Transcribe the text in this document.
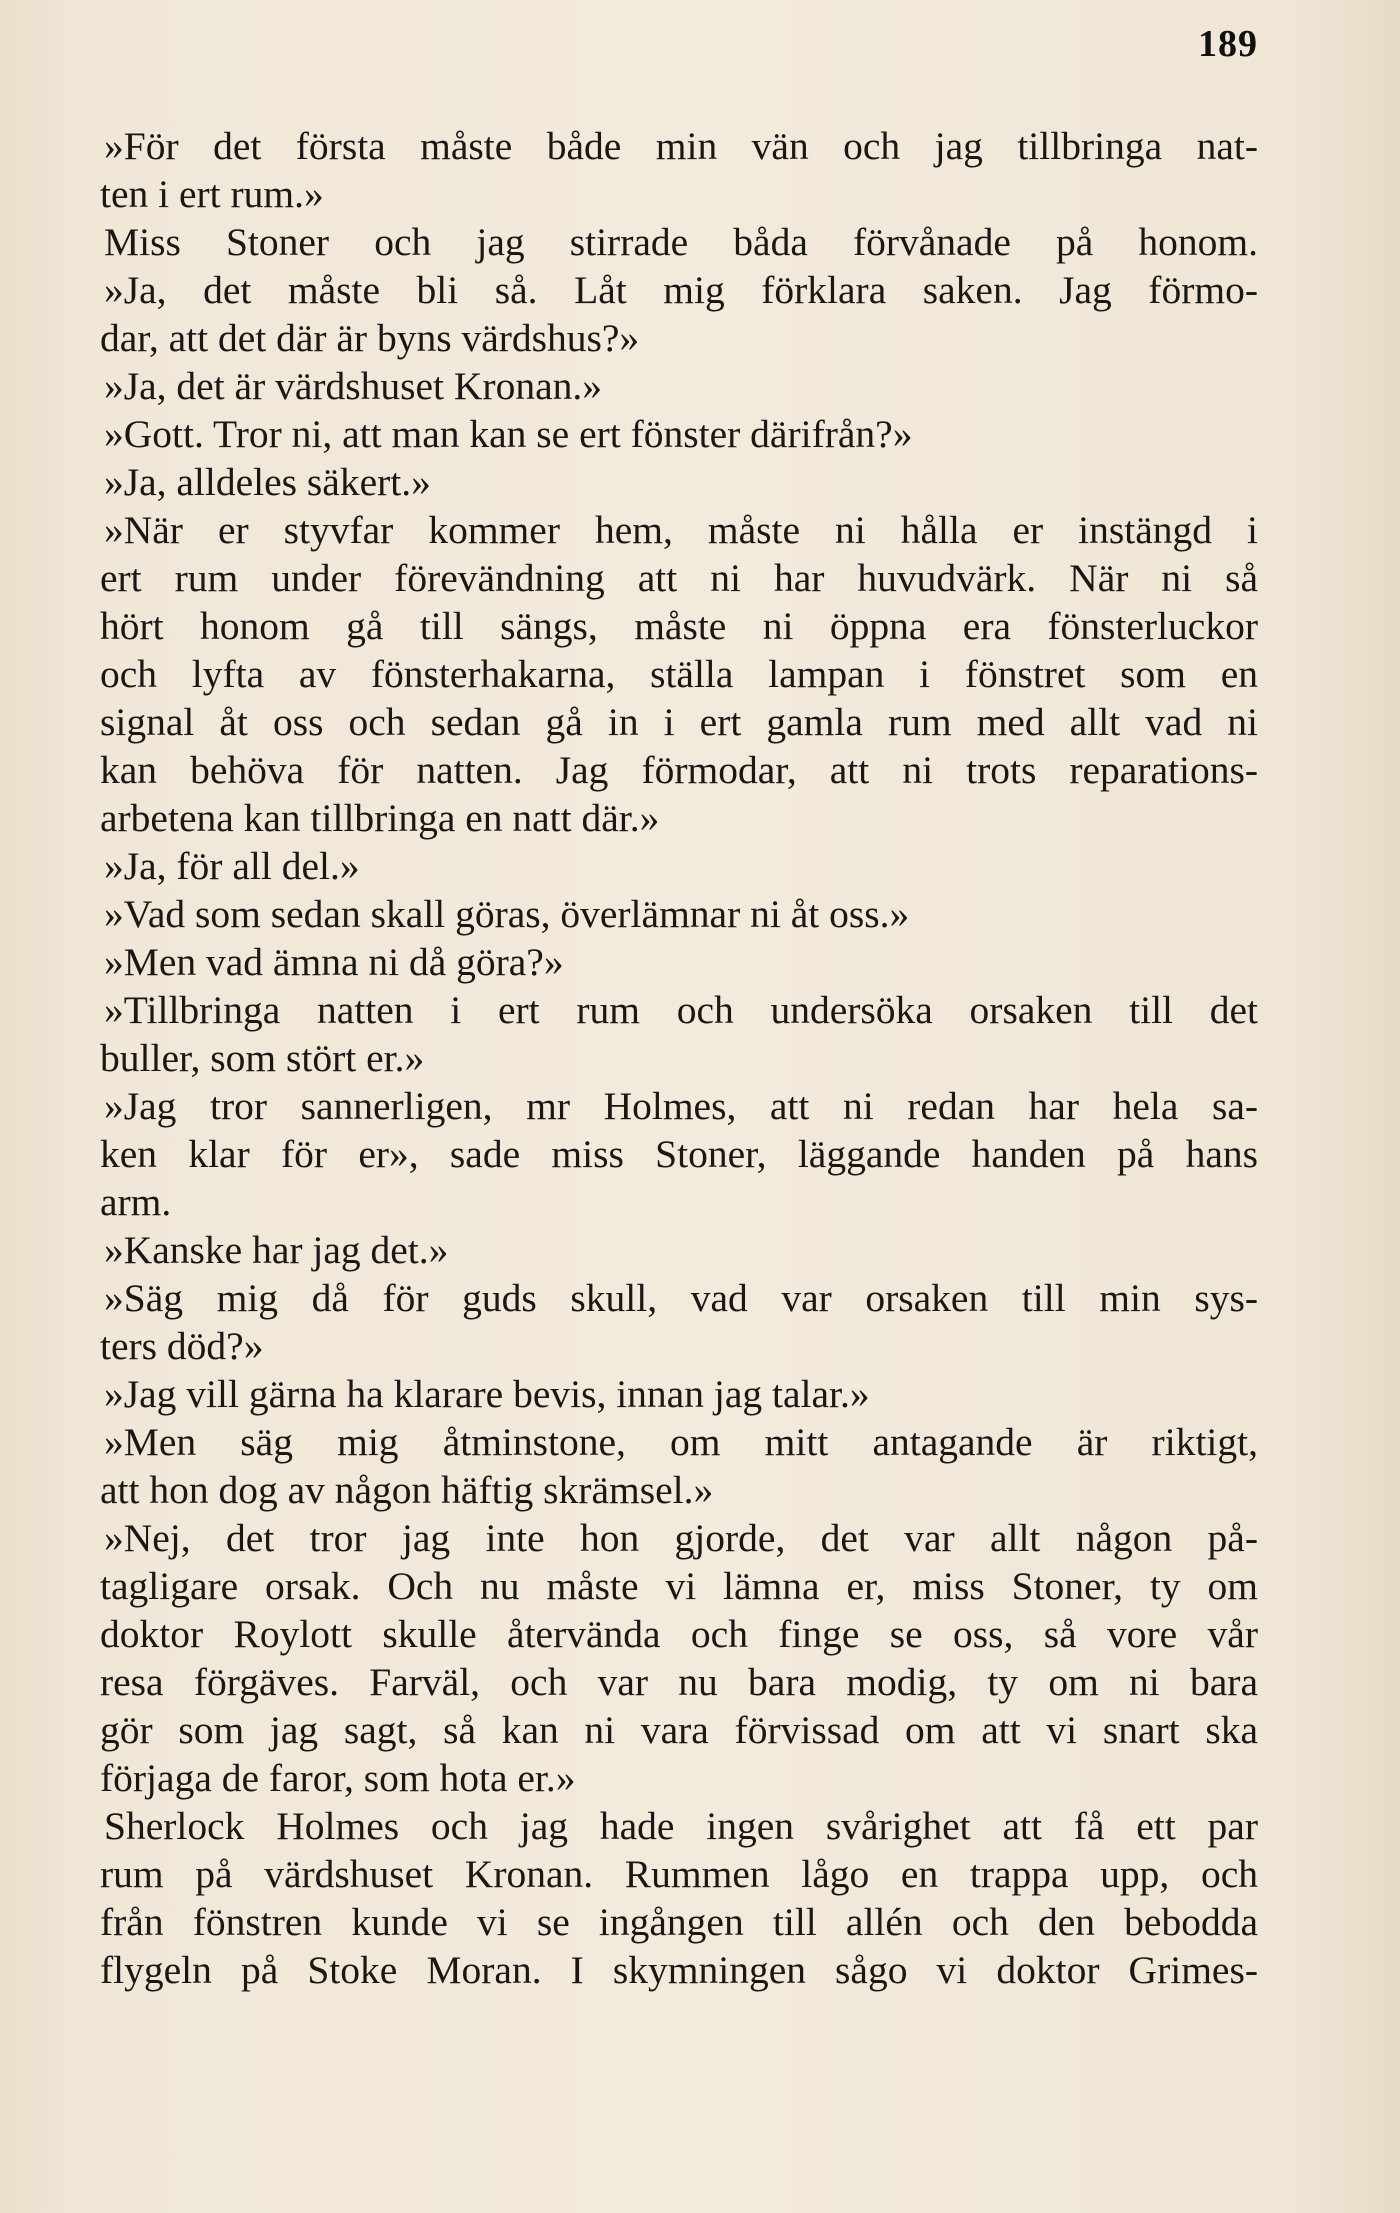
189
»För det första måste både min vän och jag tillbringa nat-
ten i ert rum.»
Miss Stoner och jag stirrade båda förvånade på honom.
»Ja, det måste bli så. Låt mig förklara saken. Jag förmo-
dar, att det där är byns värdshus?»
»Ja, det är värdshuset Kronan.»
»Gott. Tror ni, att man kan se ert fönster därifrån?»
»Ja, alldeles säkert.»
»När er styvfar kommer hem, måste ni hålla er instängd i
ert rum under förevändning att ni har huvudvärk. När ni så
hört honom gå till sängs, måste ni öppna era fönsterluckor
och lyfta av fönsterhakarna, ställa lampan i fönstret som en
signal åt oss och sedan gå in i ert gamla rum med allt vad ni
kan behöva för natten. Jag förmodar, att ni trots reparations-
arbetena kan tillbringa en natt där.»
»Ja, för all del.»
»Vad som sedan skall göras, överlämnar ni åt oss.»
»Men vad ämna ni då göra?»
»Tillbringa natten i ert rum och undersöka orsaken till det
buller, som stört er.»
»Jag tror sannerligen, mr Holmes, att ni redan har hela sa-
ken klar för er», sade miss Stoner, läggande handen på hans
arm.
»Kanske har jag det.»
»Säg mig då för guds skull, vad var orsaken till min sys-
ters död?»
»Jag vill gärna ha klarare bevis, innan jag talar.»
»Men säg mig åtminstone, om mitt antagande är riktigt,
att hon dog av någon häftig skrämsel.»
»Nej, det tror jag inte hon gjorde, det var allt någon på-
tagligare orsak. Och nu måste vi lämna er, miss Stoner, ty om
doktor Roylott skulle återvända och finge se oss, så vore vår
resa förgäves. Farväl, och var nu bara modig, ty om ni bara
gör som jag sagt, så kan ni vara förvissad om att vi snart ska
förjaga de faror, som hota er.»
Sherlock Holmes och jag hade ingen svårighet att få ett par
rum på värdshuset Kronan. Rummen lågo en trappa upp, och
från fönstren kunde vi se ingången till allén och den bebodda
flygeln på Stoke Moran. I skymningen sågo vi doktor Grimes-
